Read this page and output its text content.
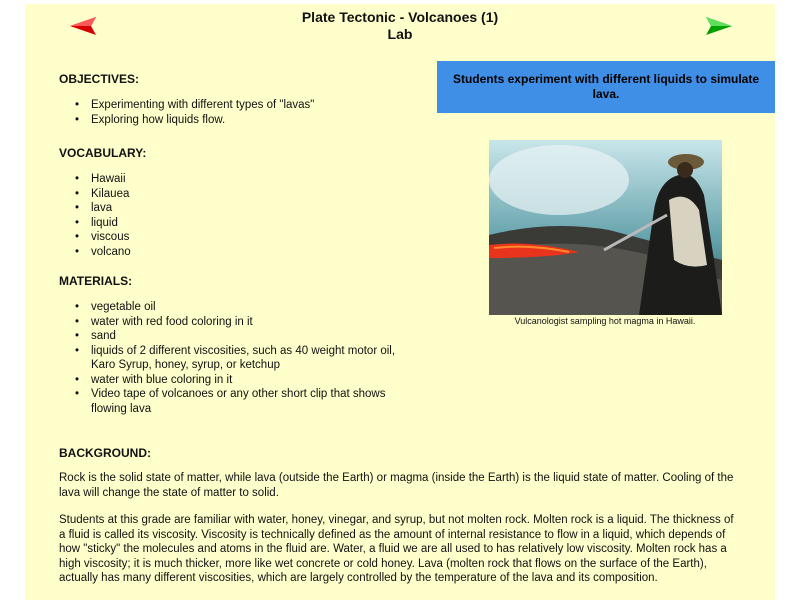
Plate Tectonic - Volcanoes (1)
Lab
Students experiment with different liquids to simulate lava.
Vulcanologist sampling hot magma in Hawaii.
OBJECTIVES:
• Experimenting with different types of "lavas"
• Exploring how liquids flow.
VOCABULARY:
• Hawaii
• Kilauea
• lava
• liquid
• viscous
• volcano
MATERIALS:
• vegetable oil
• water with red food coloring in it
• sand
• liquids of 2 different viscosities, such as 40 weight motor oil, Karo Syrup, honey, syrup, or ketchup
• water with blue coloring in it
• Video tape of volcanoes or any other short clip that shows flowing lava
BACKGROUND:

Rock is the solid state of matter, while lava (outside the Earth) or magma (inside the Earth) is the liquid state of matter. Cooling of the lava will change the state of matter to solid.

Students at this grade are familiar with water, honey, vinegar, and syrup, but not molten rock. Molten rock is a liquid. The thickness of a fluid is called its viscosity. Viscosity is technically defined as the amount of internal resistance to flow in a liquid, which depends of how "sticky" the molecules and atoms in the fluid are. Water, a fluid we are all used to has relatively low viscosity. Molten rock has a high viscosity; it is much thicker, more like wet concrete or cold honey. Lava (molten rock that flows on the surface of the Earth), actually has many different viscosities, which are largely controlled by the temperature of the lava and its composition.
